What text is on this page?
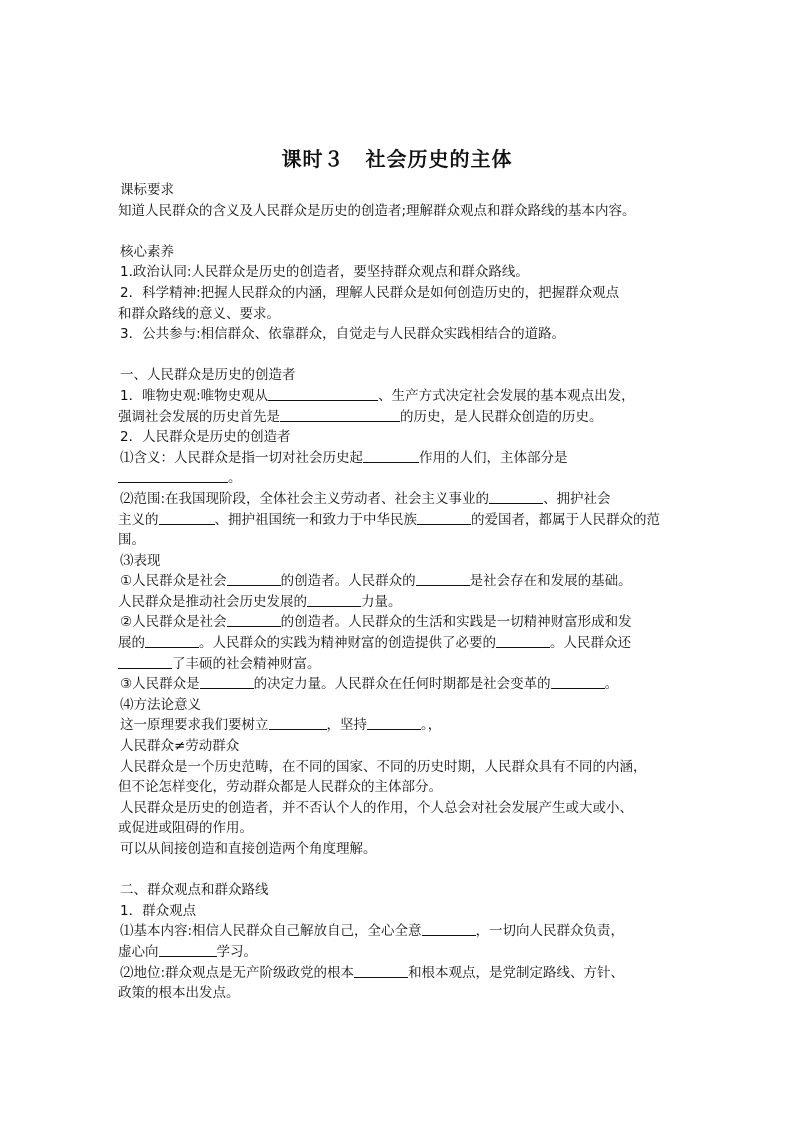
课时３　社会历史的主体
课标要求
知道人民群众的含义及人民群众是历史的创造者;理解群众观点和群众路线的基本内容。
核心素养
1.政治认同:人民群众是历史的创造者，要坚持群众观点和群众路线。
2．科学精神:把握人民群众的内涵，理解人民群众是如何创造历史的，把握群众观点
和群众路线的意义、要求。
3．公共参与:相信群众、依靠群众，自觉走与人民群众实践相结合的道路。
一、人民群众是历史的创造者
1．唯物史观:唯物史观从	、生产方式决定社会发展的基本观点出发，
强调社会发展的历史首先是	的历史，是人民群众创造的历史。
2．人民群众是历史的创造者
⑴含义：人民群众是指一切对社会历史起	作用的人们，主体部分是
。
⑵范围:在我国现阶段，全体社会主义劳动者、社会主义事业的	、拥护社会
主义的	、拥护祖国统一和致力于中华民族	的爱国者，都属于人民群众的范
围。
⑶表现
①人民群众是社会	的创造者。人民群众的	是社会存在和发展的基础。
人民群众是推动社会历史发展的	力量。
②人民群众是社会	的创造者。人民群众的生活和实践是一切精神财富形成和发
展的	。人民群众的实践为精神财富的创造提供了必要的	。人民群众还
了丰硕的社会精神财富。
③人民群众是	的决定力量。人民群众在任何时期都是社会变革的	。
⑷方法论意义
这一原理要求我们要树立	，坚持	。，
人民群众≠劳动群众
人民群众是一个历史范畴，在不同的国家、不同的历史时期，人民群众具有不同的内涵，
但不论怎样变化，劳动群众都是人民群众的主体部分。
人民群众是历史的创造者，并不否认个人的作用，个人总会对社会发展产生或大或小、
或促进或阻碍的作用。
可以从间接创造和直接创造两个角度理解。
二、群众观点和群众路线
1．群众观点
⑴基本内容:相信人民群众自己解放自己，全心全意	，一切向人民群众负责，
虚心向	学习。
⑵地位:群众观点是无产阶级政党的根本	和根本观点，是党制定路线、方针、
政策的根本出发点。
